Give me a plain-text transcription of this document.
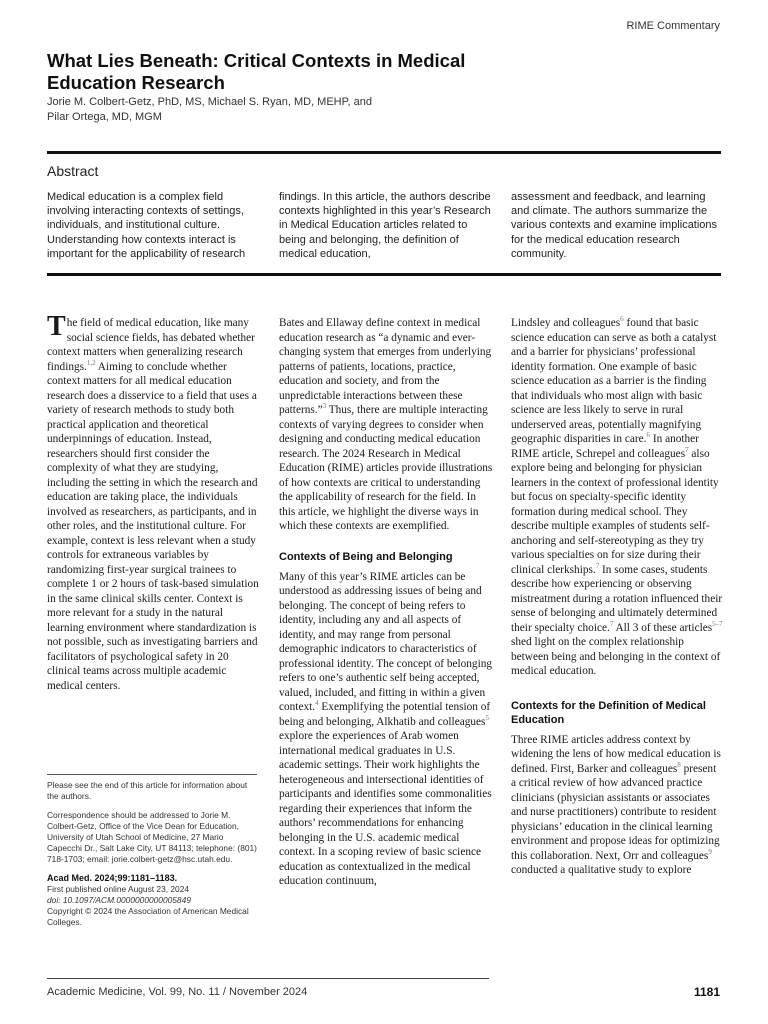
RIME Commentary
What Lies Beneath: Critical Contexts in Medical Education Research
Jorie M. Colbert-Getz, PhD, MS, Michael S. Ryan, MD, MEHP, and
Pilar Ortega, MD, MGM
Abstract
Medical education is a complex field involving interacting contexts of settings, individuals, and institutional culture. Understanding how contexts interact is important for the applicability of research
findings. In this article, the authors describe contexts highlighted in this year’s Research in Medical Education articles related to being and belonging, the definition of medical education,
assessment and feedback, and learning and climate. The authors summarize the various contexts and examine implications for the medical education research community.

The field of medical education, like many social science fields, has debated whether context matters when generalizing research findings.$^{1,2}$ Aiming to conclude whether context matters for all medical education research does a disservice to a field that uses a variety of research methods to study both practical application and theoretical underpinnings of education. Instead, researchers should first consider the complexity of what they are studying, including the setting in which the research and education are taking place, the individuals involved as researchers, as participants, and in other roles, and the institutional culture. For example, context is less relevant when a study controls for extraneous variables by randomizing first-year surgical trainees to complete 1 or 2 hours of task-based simulation in the same clinical skills center. Context is more relevant for a study in the natural learning environment where standardization is not possible, such as investigating barriers and facilitators of psychological safety in 20 clinical teams across multiple academic medical centers.

Bates and Ellaway define context in medical education research as “a dynamic and ever-changing system that emerges from underlying patterns of patients, locations, practice, education and society, and from the unpredictable interactions between these patterns.”$^3$ Thus, there are multiple interacting contexts of varying degrees to consider when designing and conducting medical education research. The 2024 Research in Medical Education (RIME) articles provide illustrations of how contexts are critical to understanding the applicability of research for the field. In this article, we highlight the diverse ways in which these contexts are exemplified.

Contexts of Being and Belonging

Many of this year’s RIME articles can be understood as addressing issues of being and belonging. The concept of being refers to identity, including any and all aspects of identity, and may range from personal demographic indicators to characteristics of professional identity. The concept of belonging refers to one’s authentic self being accepted, valued, included, and fitting in within a given context.$^4$ Exemplifying the potential tension of being and belonging, Alkhatib and colleagues$^5$ explore the experiences of Arab women international medical graduates in U.S. academic settings. Their work highlights the heterogeneous and intersectional identities of participants and identifies some commonalities regarding their experiences that inform the authors’ recommendations for enhancing belonging in the U.S. academic medical context. In a scoping review of basic science education as contextualized in the medical education continuum,

Lindsley and colleagues$^6$ found that basic science education can serve as both a catalyst and a barrier for physicians’ professional identity formation. One example of basic science education as a barrier is the finding that individuals who most align with basic science are less likely to serve in rural underserved areas, potentially magnifying geographic disparities in care.$^6$ In another RIME article, Schrepel and colleagues$^7$ also explore being and belonging for physician learners in the context of professional identity but focus on specialty-specific identity formation during medical school. They describe multiple examples of students self-anchoring and self-stereotyping as they try various specialties on for size during their clinical clerkships.$^7$ In some cases, students describe how experiencing or observing mistreatment during a rotation influenced their sense of belonging and ultimately determined their specialty choice.$^7$ All 3 of these articles$^{5-7}$ shed light on the complex relationship between being and belonging in the context of medical education.

Contexts for the Definition of Medical Education

Three RIME articles address context by widening the lens of how medical education is defined. First, Barker and colleagues$^8$ present a critical review of how advanced practice clinicians (physician assistants or associates and nurse practitioners) contribute to resident physicians’ education in the clinical learning environment and propose ideas for optimizing this collaboration. Next, Orr and colleagues$^9$ conducted a qualitative study to explore

Please see the end of this article for information about the authors.

Correspondence should be addressed to Jorie M. Colbert-Getz, Office of the Vice Dean for Education, University of Utah School of Medicine, 27 Mario Capecchi Dr., Salt Lake City, UT 84113; telephone: (801) 718-1703; email: jorie.colbert-getz@hsc.utah.edu.

Acad Med. 2024;99:1181–1183.

First published online August 23, 2024

doi: 10.1097/ACM.0000000000005849

Copyright © 2024 the Association of American Medical Colleges.

Academic Medicine, Vol. 99, No. 11 / November 2024	1181
